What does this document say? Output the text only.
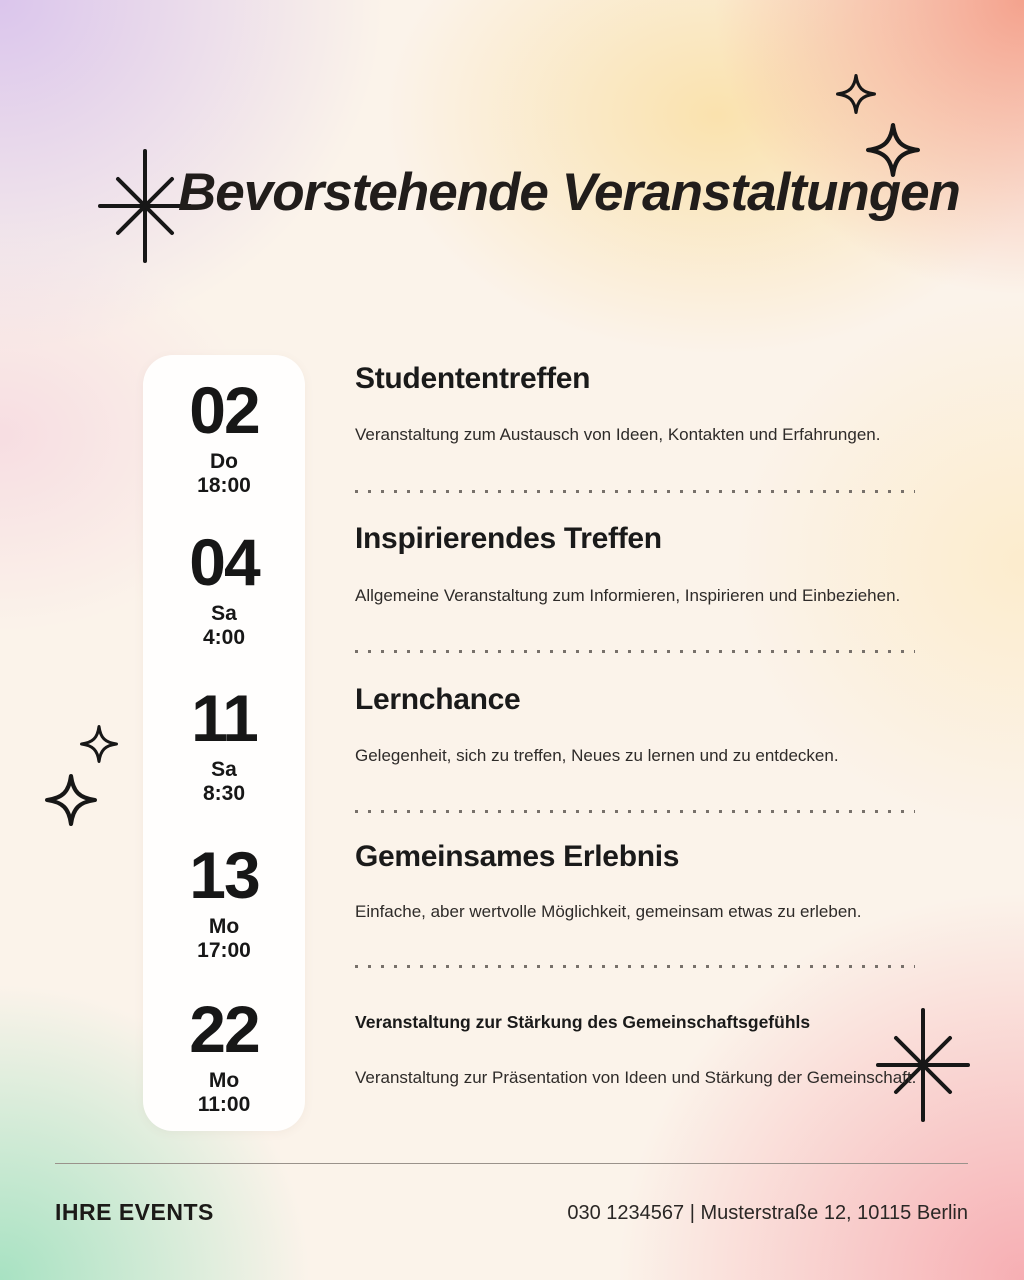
Bevorstehende Veranstaltungen
02
Do
18:00
04
Sa
4:00
11
Sa
8:30
13
Mo
17:00
22
Mo
11:00
Studententreffen
Veranstaltung zum Austausch von Ideen, Kontakten und Erfahrungen.
Inspirierendes Treffen
Allgemeine Veranstaltung zum Informieren, Inspirieren und Einbeziehen.
Lernchance
Gelegenheit, sich zu treffen, Neues zu lernen und zu entdecken.
Gemeinsames Erlebnis
Einfache, aber wertvolle Möglichkeit, gemeinsam etwas zu erleben.
Veranstaltung zur Stärkung des Gemeinschaftsgefühls
Veranstaltung zur Präsentation von Ideen und Stärkung der Gemeinschaft.
IHRE EVENTS	030 1234567 | Musterstraße 12, 10115 Berlin
